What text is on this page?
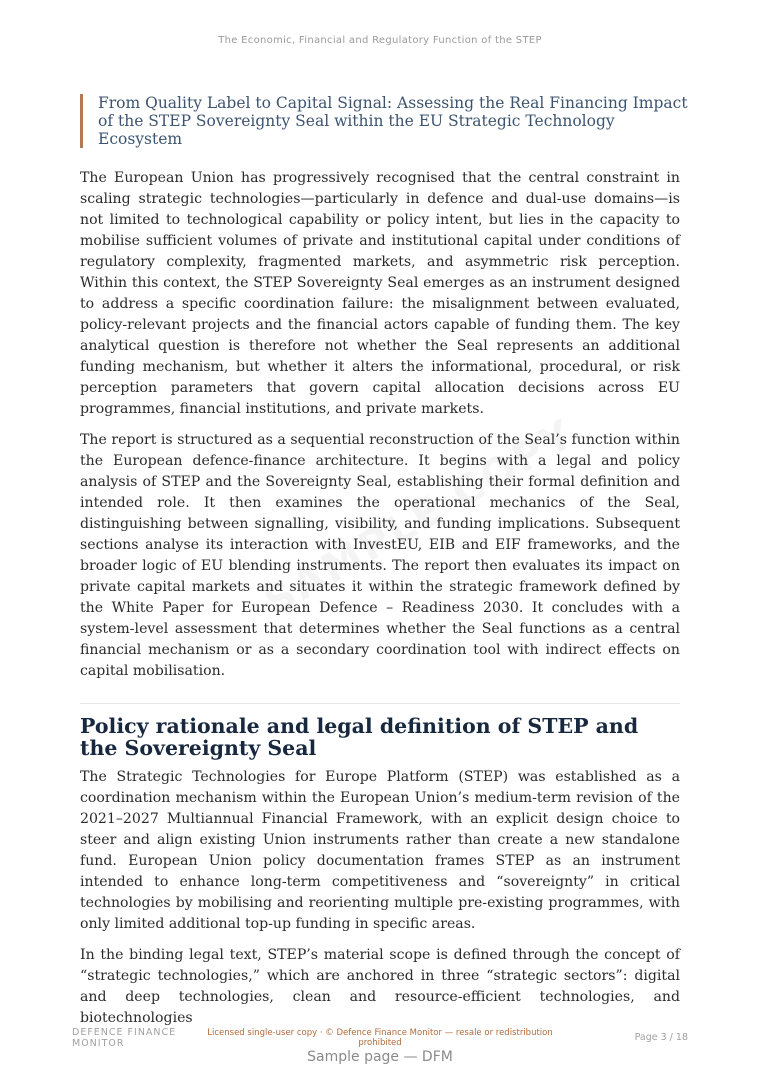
The Economic, Financial and Regulatory Function of the STEP
From Quality Label to Capital Signal: Assessing the Real Financing Impact of the STEP Sovereignty Seal within the EU Strategic Technology Ecosystem

The European Union has progressively recognised that the central constraint in scaling strategic technologies—particularly in defence and dual-use domains—is not limited to technological capability or policy intent, but lies in the capacity to mobilise sufficient volumes of private and institutional capital under conditions of regulatory complexity, fragmented markets, and asymmetric risk perception. Within this context, the STEP Sovereignty Seal emerges as an instrument designed to address a specific coordination failure: the misalignment between evaluated, policy-relevant projects and the financial actors capable of funding them. The key analytical question is therefore not whether the Seal represents an additional funding mechanism, but whether it alters the informational, procedural, or risk perception parameters that govern capital allocation decisions across EU programmes, financial institutions, and private markets.

The report is structured as a sequential reconstruction of the Seal’s function within the European defence-finance architecture. It begins with a legal and policy analysis of STEP and the Sovereignty Seal, establishing their formal definition and intended role. It then examines the operational mechanics of the Seal, distinguishing between signalling, visibility, and funding implications. Subsequent sections analyse its interaction with InvestEU, EIB and EIF frameworks, and the broader logic of EU blending instruments. The report then evaluates its impact on private capital markets and situates it within the strategic framework defined by the White Paper for European Defence – Readiness 2030. It concludes with a system-level assessment that determines whether the Seal functions as a central financial mechanism or as a secondary coordination tool with indirect effects on capital mobilisation.

Policy rationale and legal definition of STEP and the Sovereignty Seal

The Strategic Technologies for Europe Platform (STEP) was established as a coordination mechanism within the European Union’s medium-term revision of the 2021–2027 Multiannual Financial Framework, with an explicit design choice to steer and align existing Union instruments rather than create a new standalone fund. European Union policy documentation frames STEP as an instrument intended to enhance long-term competitiveness and “sovereignty” in critical technologies by mobilising and reorienting multiple pre-existing programmes, with only limited additional top-up funding in specific areas.

In the binding legal text, STEP’s material scope is defined through the concept of “strategic technologies,” which are anchored in three “strategic sectors”: digital and deep technologies, clean and resource-efficient technologies, and biotechnologies

DEFENCE FINANCE MONITOR
Licensed single-user copy · © Defence Finance Monitor — resale or redistribution prohibited	Page 3 / 18
Sample page — DFM
